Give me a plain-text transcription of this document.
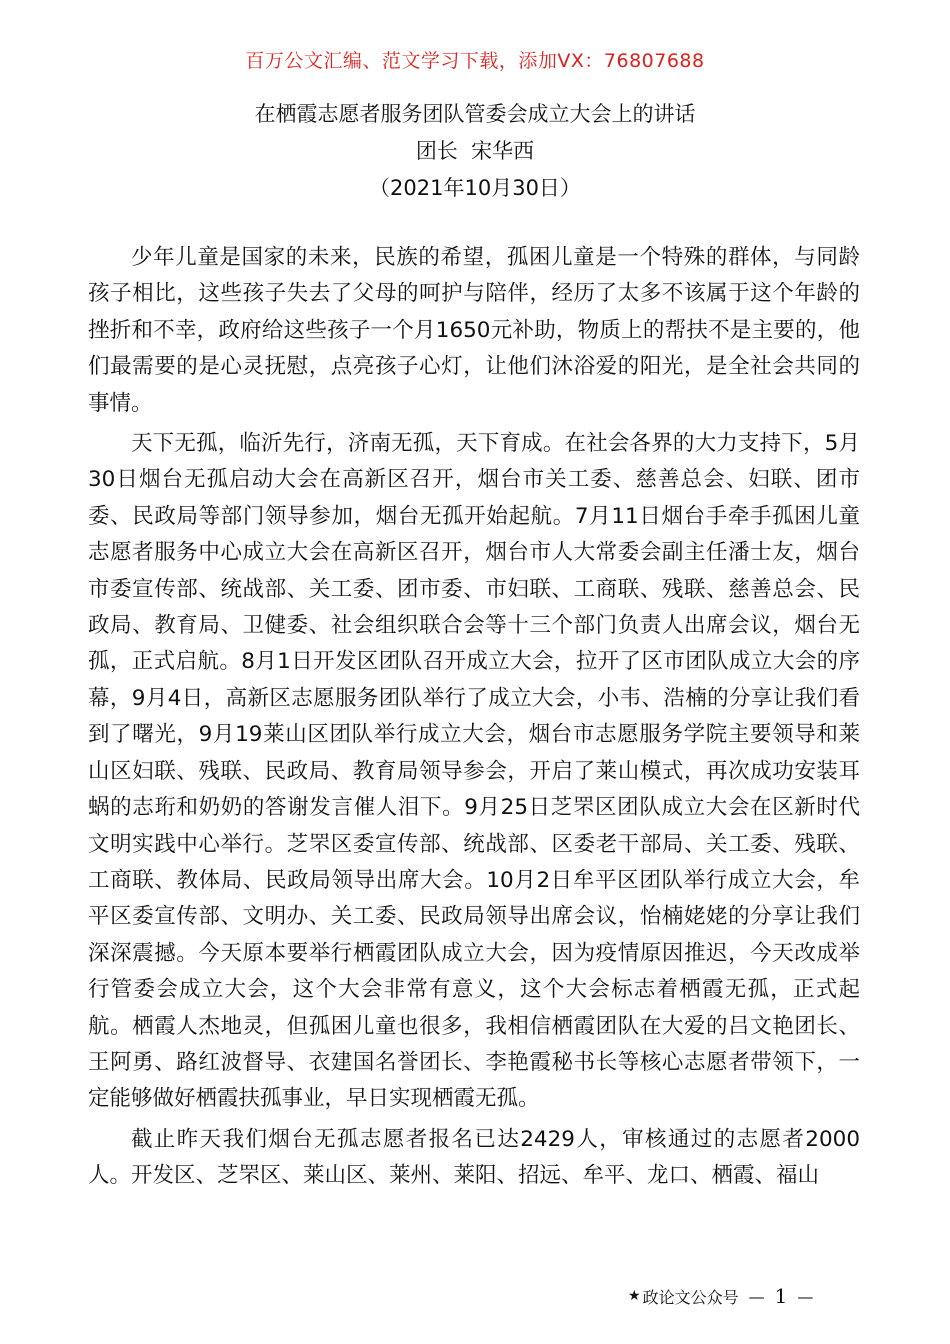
百万公文汇编、范文学习下载，添加VX：76807688
在栖霞志愿者服务团队管委会成立大会上的讲话
团长  宋华西
（2021年10月30日）

少年儿童是国家的未来，民族的希望，孤困儿童是一个特殊的群体，与同龄孩子相比，这些孩子失去了父母的呵护与陪伴，经历了太多不该属于这个年龄的挫折和不幸，政府给这些孩子一个月1650元补助，物质上的帮扶不是主要的，他们最需要的是心灵抚慰，点亮孩子心灯，让他们沐浴爱的阳光，是全社会共同的事情。

天下无孤，临沂先行，济南无孤，天下育成。在社会各界的大力支持下，5月30日烟台无孤启动大会在高新区召开，烟台市关工委、慈善总会、妇联、团市委、民政局等部门领导参加，烟台无孤开始起航。7月11日烟台手牵手孤困儿童志愿者服务中心成立大会在高新区召开，烟台市人大常委会副主任潘士友，烟台市委宣传部、统战部、关工委、团市委、市妇联、工商联、残联、慈善总会、民政局、教育局、卫健委、社会组织联合会等十三个部门负责人出席会议，烟台无孤，正式启航。8月1日开发区团队召开成立大会，拉开了区市团队成立大会的序幕，9月4日，高新区志愿服务团队举行了成立大会，小韦、浩楠的分享让我们看到了曙光，9月19莱山区团队举行成立大会，烟台市志愿服务学院主要领导和莱山区妇联、残联、民政局、教育局领导参会，开启了莱山模式，再次成功安装耳蜗的志珩和奶奶的答谢发言催人泪下。9月25日芝罘区团队成立大会在区新时代文明实践中心举行。芝罘区委宣传部、统战部、区委老干部局、关工委、残联、工商联、教体局、民政局领导出席大会。10月2日牟平区团队举行成立大会，牟平区委宣传部、文明办、关工委、民政局领导出席会议，怡楠姥姥的分享让我们深深震撼。今天原本要举行栖霞团队成立大会，因为疫情原因推迟，今天改成举行管委会成立大会，这个大会非常有意义，这个大会标志着栖霞无孤，正式起航。栖霞人杰地灵，但孤困儿童也很多，我相信栖霞团队在大爱的吕文艳团长、王阿勇、路红波督导、衣建国名誉团长、李艳霞秘书长等核心志愿者带领下，一定能够做好栖霞扶孤事业，早日实现栖霞无孤。

截止昨天我们烟台无孤志愿者报名已达2429人，审核通过的志愿者2000人。开发区、芝罘区、莱山区、莱州、莱阳、招远、牟平、龙口、栖霞、福山

★ 政论文公众号 — 1 —
